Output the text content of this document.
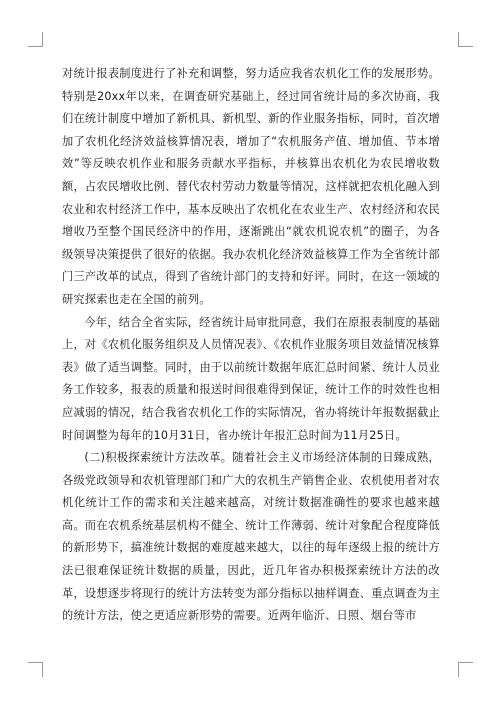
对统计报表制度进行了补充和调整，努力适应我省农机化工作的发展形势。特别是20xx年以来，在调查研究基础上，经过同省统计局的多次协商，我们在统计制度中增加了新机具、新机型、新的作业服务指标，同时，首次增加了农机化经济效益核算情况表，增加了“农机服务产值、增加值、节本增效”等反映农机作业和服务贡献水平指标，并核算出农机化为农民增收数额，占农民增收比例、替代农村劳动力数量等情况，这样就把农机化融入到农业和农村经济工作中，基本反映出了农机化在农业生产、农村经济和农民增收乃至整个国民经济中的作用，逐渐跳出“就农机说农机”的圈子，为各级领导决策提供了很好的依据。我办农机化经济效益核算工作为全省统计部门三产改革的试点，得到了省统计部门的支持和好评。同时，在这一领域的研究探索也走在全国的前列。

今年，结合全省实际，经省统计局审批同意，我们在原报表制度的基础上，对《农机化服务组织及人员情况表》、《农机作业服务项目效益情况核算表》做了适当调整。同时，由于以前统计数据年底汇总时间紧、统计人员业务工作较多，报表的质量和报送时间很难得到保证，统计工作的时效性也相应减弱的情况，结合我省农机化工作的实际情况，省办将统计年报数据截止时间调整为每年的10月31日，省办统计年报汇总时间为11月25日。

(二)积极探索统计方法改革。随着社会主义市场经济体制的日臻成熟，各级党政领导和农机管理部门和广大的农机生产销售企业、农机使用者对农机化统计工作的需求和关注越来越高，对统计数据准确性的要求也越来越高。而在农机系统基层机构不健全、统计工作薄弱、统计对象配合程度降低的新形势下，搞准统计数据的难度越来越大，以往的每年逐级上报的统计方法已很难保证统计数据的质量，因此，近几年省办积极探索统计方法的改革，设想逐步将现行的统计方法转变为部分指标以抽样调查、重点调查为主的统计方法，使之更适应新形势的需要。近两年临沂、日照、烟台等市
